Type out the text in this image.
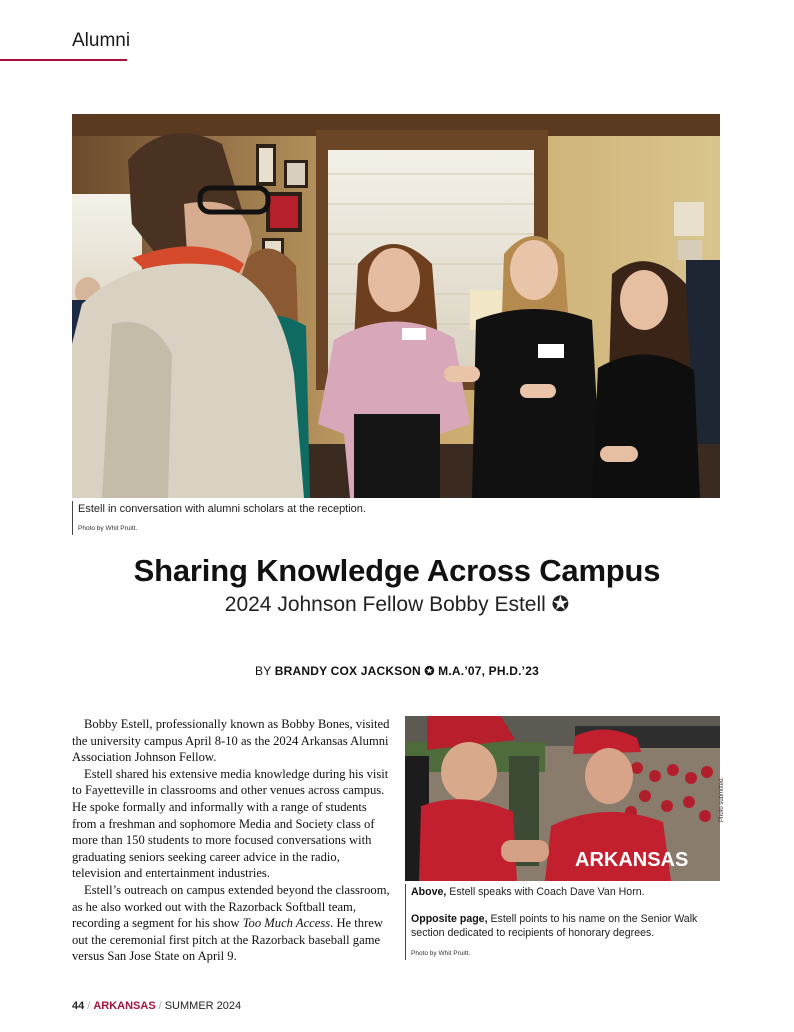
Alumni
Estell in conversation with alumni scholars at the reception.
Photo by Whit Pruitt.
Sharing Knowledge Across Campus
2024 Johnson Fellow Bobby Estell ✪
BY BRANDY COX JACKSON ✪ M.A.’07, PH.D.’23

Bobby Estell, professionally known as Bobby Bones, visited the university campus April 8-10 as the 2024 Arkansas Alumni Association Johnson Fellow.

Estell shared his extensive media knowledge during his visit to Fayetteville in classrooms and other venues across campus. He spoke formally and informally with a range of students from a freshman and sophomore Media and Society class of more than 150 students to more focused conversations with graduating seniors seeking career advice in the radio, television and entertainment industries.

Estell’s outreach on campus extended beyond the classroom, as he also worked out with the Razorback Softball team, recording a segment for his show Too Much Access. He threw out the ceremonial first pitch at the Razorback baseball game versus San Jose State on April 9.

ARKANSAS
Photo submitted.
Above, Estell speaks with Coach Dave Van Horn.
Opposite page, Estell points to his name on the Senior Walk section dedicated to recipients of honorary degrees.
Photo by Whit Pruitt.
44 / ARKANSAS / SUMMER 2024
